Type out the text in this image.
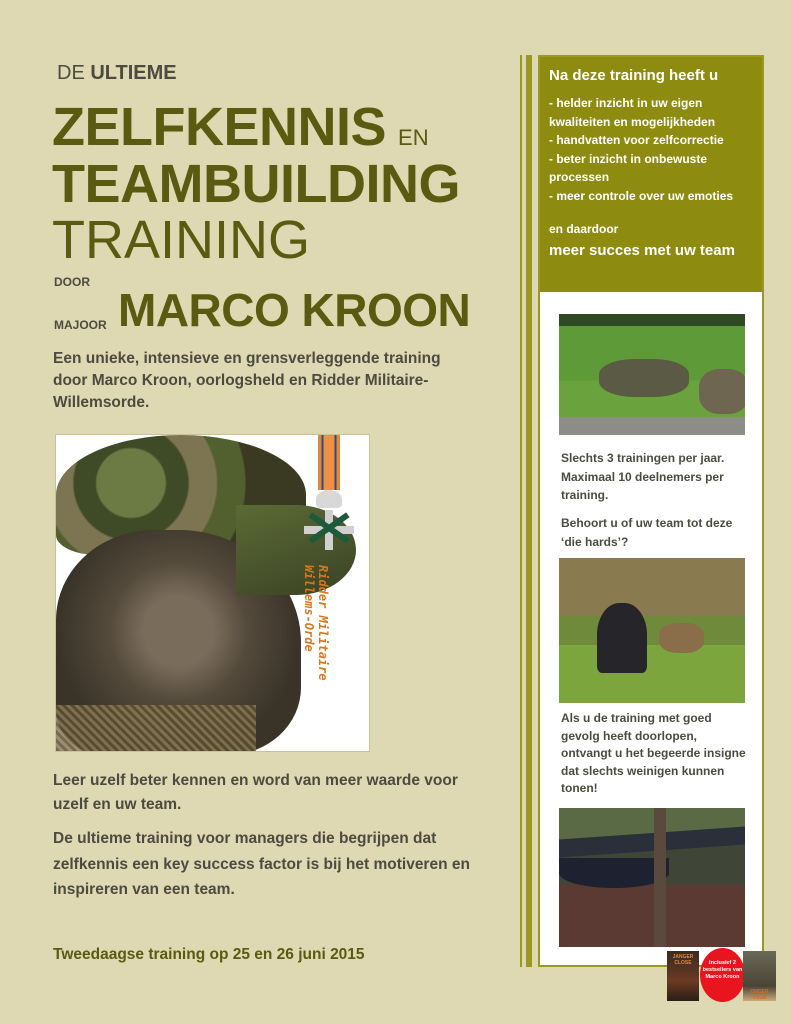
DE ULTIEME
ZELFKENNIS EN
TEAMBUILDING
TRAINING
DOOR
MAJOOR MARCO KROON

Een unieke, intensieve en grensverleggende training door Marco Kroon, oorlogsheld en Ridder Militaire-Willemsorde.

Ridder Militaire
Willems-Orde

Leer uzelf beter kennen en word van meer waarde voor uzelf en uw team.

De ultieme training voor managers die begrijpen dat zelfkennis een key success factor is bij het motiveren en inspireren van een team.

Tweedaagse training op 25 en 26 juni 2015

Na deze training heeft u
- helder inzicht in uw eigen kwaliteiten en mogelijkheden
- handvatten voor zelfcorrectie
- beter inzicht in onbewuste processen
- meer controle over uw emoties
en daardoor
meer succes met uw team

Slechts 3 trainingen per jaar. Maximaal 10 deelnemers per training.

Behoort u of uw team tot deze ‘die hards’?

Als u de training met goed gevolg heeft doorlopen, ontvangt u het begeerde insigne dat slechts weinigen kunnen tonen!

JANGER CLOSE	Inclusief 2 bestsellers van Marco Kroon
ONDER VUUR
